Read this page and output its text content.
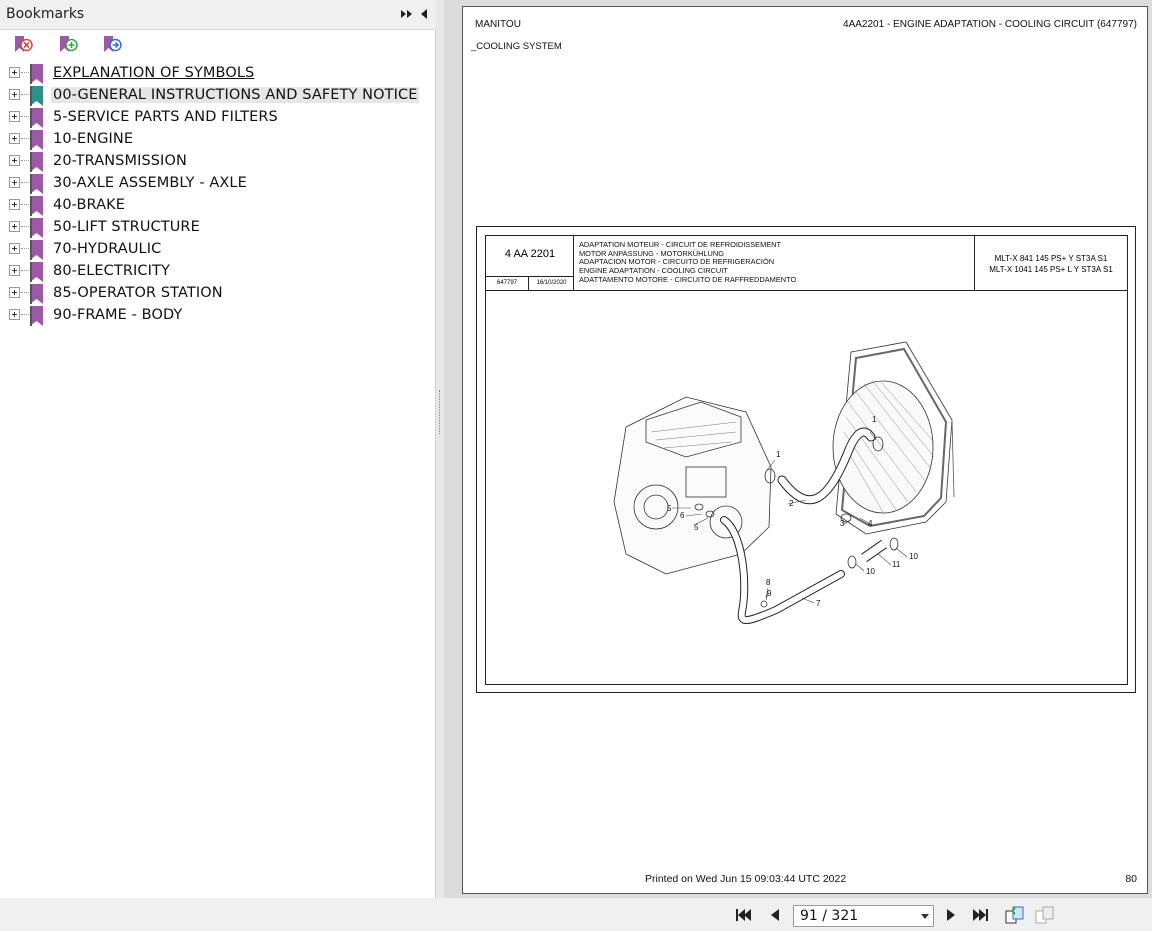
Bookmarks
EXPLANATION OF SYMBOLS
00-GENERAL INSTRUCTIONS AND SAFETY NOTICE
5-SERVICE PARTS AND FILTERS
10-ENGINE
20-TRANSMISSION
30-AXLE ASSEMBLY - AXLE
40-BRAKE
50-LIFT STRUCTURE
70-HYDRAULIC
80-ELECTRICITY
85-OPERATOR STATION
90-FRAME - BODY
MANITOU	4AA2201 - ENGINE ADAPTATION - COOLING CIRCUIT (647797)
_COOLING SYSTEM
4 AA 2201
647797	16/10/2020
ADAPTATION MOTEUR - CIRCUIT DE REFROIDISSEMENT
MOTOR ANPASSUNG - MOTORKÜHLUNG
ADAPTACION MOTOR - CIRCUITO DE REFRIGERACIÓN
ENGINE ADAPTATION - COOLING CIRCUIT
ADATTAMENTO MOTORE - CIRCUITO DE RAFFREDDAMENTO
MLT-X 841 145 PS+ Y ST3A S1
MLT-X 1041 145 PS+ L Y ST3A S1
1
1
2
3	4
5
5
6
7
8
9
10
10
11
Printed on Wed Jun 15 09:03:44 UTC 2022	80
91 / 321
